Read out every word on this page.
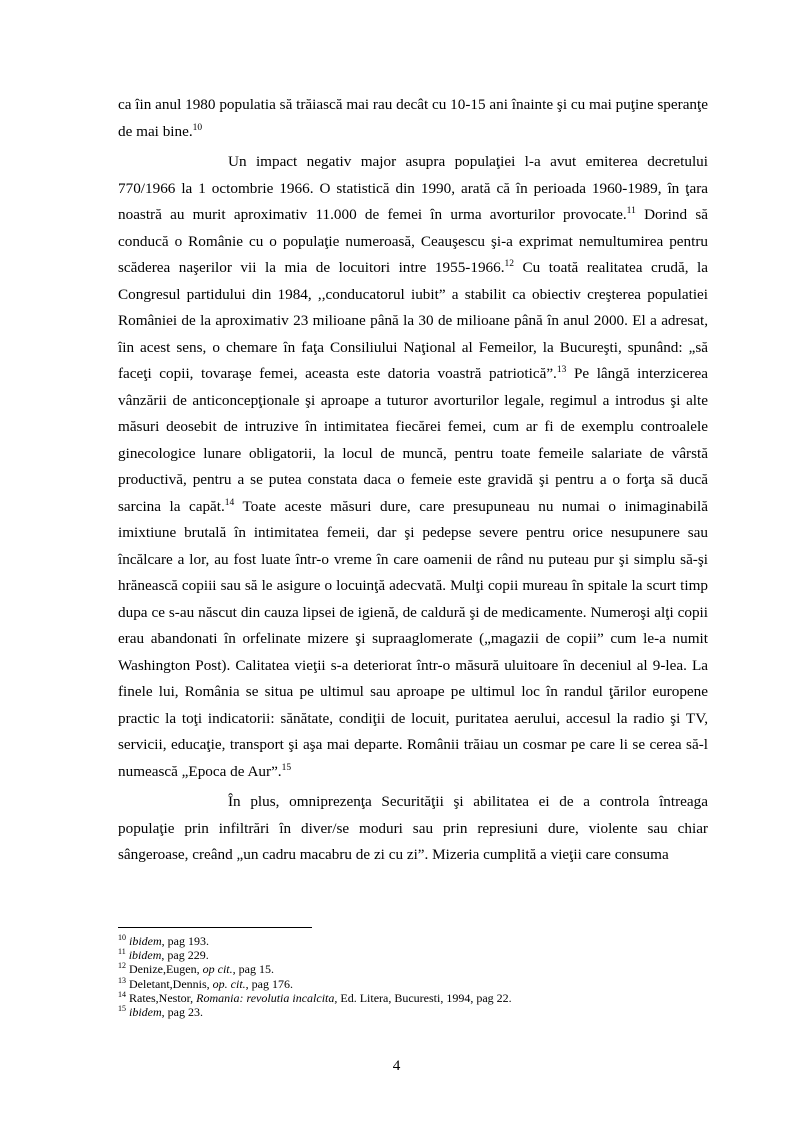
ca îin anul 1980 populatia să trăiască mai rau decât cu 10-15 ani înainte şi cu mai puţine speranţe de mai bine.$^{10}$

Un impact negativ major asupra populaţiei l-a avut emiterea decretului 770/1966 la 1 octombrie 1966. O statistică din 1990, arată că în perioada 1960-1989, în ţara noastră au murit aproximativ 11.000 de femei în urma avorturilor provocate.$^{11}$ Dorind să conducă o Românie cu o populaţie numeroasă, Ceauşescu şi-a exprimat nemultumirea pentru scăderea naşerilor vii la mia de locuitori intre 1955-1966.12 Cu toată realitatea crudă, la Congresul partidului din 1984, ,,conducatorul iubit” a stabilit ca obiectiv creşterea populatiei României de la aproximativ 23 milioane până la 30 de milioane până în anul 2000. El a adresat, îin acest sens, o chemare în faţa Consiliului Naţional al Femeilor, la Bucureşti, spunând: „să faceţi copii, tovaraşe femei, aceasta este datoria voastră patriotică”.$^{13}$ Pe lângă interzicerea vânzării de anticoncepţionale şi aproape a tuturor avorturilor legale, regimul a introdus şi alte măsuri deosebit de intruzive în intimitatea fiecărei femei, cum ar fi de exemplu controalele ginecologice lunare obligatorii, la locul de muncă, pentru toate femeile salariate de vârstă productivă, pentru a se putea constata daca o femeie este gravidă şi pentru a o forţa să ducă sarcina la capăt.$^{14}$ Toate aceste măsuri dure, care presupuneau nu numai o inimaginabilă imixtiune brutală în intimitatea femeii, dar şi pedepse severe pentru orice nesupunere sau încălcare a lor, au fost luate într-o vreme în care oamenii de rând nu puteau pur şi simplu să-şi hrănească copiii sau să le asigure o locuinţă adecvată. Mulţi copii mureau în spitale la scurt timp dupa ce s-au născut din cauza lipsei de igienă, de caldură şi de medicamente. Numeroşi alţi copii erau abandonati în orfelinate mizere şi supraaglomerate („magazii de copii” cum le-a numit Washington Post). Calitatea vieţii s-a deteriorat într-o măsură uluitoare în deceniul al 9-lea. La finele lui, România se situa pe ultimul sau aproape pe ultimul loc în randul ţărilor europene practic la toţi indicatorii: sănătate, condiţii de locuit, puritatea aerului, accesul la radio şi TV, servicii, educaţie, transport şi aşa mai departe. Românii trăiau un cosmar pe care li se cerea să-l numească „Epoca de Aur”.$^{15}$

În plus, omniprezenţa Securităţii şi abilitatea ei de a controla întreaga populaţie prin infiltrări în diver/se moduri sau prin represiuni dure, violente sau chiar sângeroase, creând „un cadru macabru de zi cu zi”. Mizeria cumplită a vieţii care consuma

$^{10}$ ibidem, pag 193.
$^{11}$ ibidem, pag 229.
$^{12}$ Denize,Eugen, op cit., pag 15.
$^{13}$ Deletant,Dennis, op. cit., pag 176.
$^{14}$ Rates,Nestor, Romania: revolutia incalcita, Ed. Litera, Bucuresti, 1994, pag 22.
$^{15}$ ibidem, pag 23.
4
